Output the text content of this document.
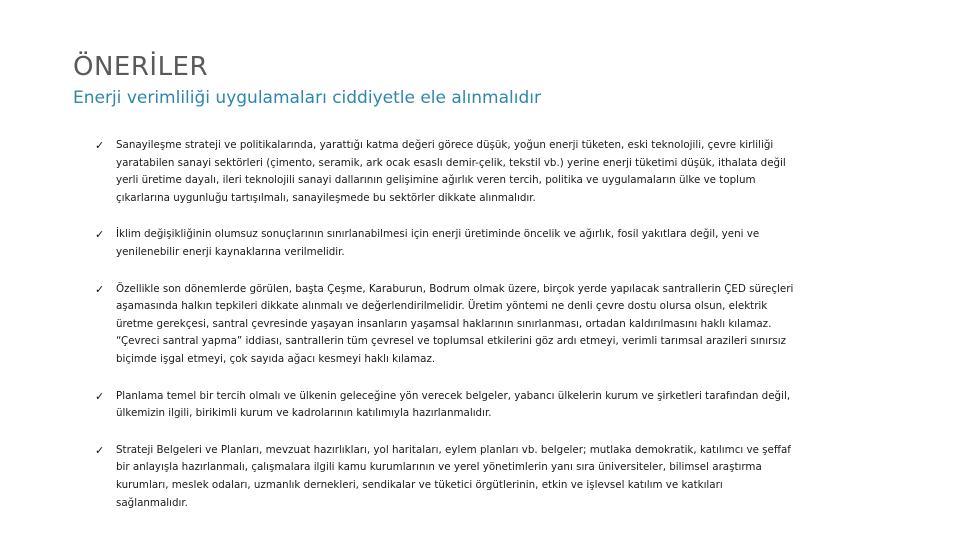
ÖNERİLER
Enerji verimliliği uygulamaları ciddiyetle ele alınmalıdır
✓ Sanayileşme strateji ve politikalarında, yarattığı katma değeri görece düşük, yoğun enerji tüketen, eski teknolojili, çevre kirliliği yaratabilen sanayi sektörleri (çimento, seramik, ark ocak esaslı demir-çelik, tekstil vb.) yerine enerji tüketimi düşük, ithalata değil yerli üretime dayalı, ileri teknolojili sanayi dallarının gelişimine ağırlık veren tercih, politika ve uygulamaların ülke ve toplum çıkarlarına uygunluğu tartışılmalı, sanayileşmede bu sektörler dikkate alınmalıdır.
✓ İklim değişikliğinin olumsuz sonuçlarının sınırlanabilmesi için enerji üretiminde öncelik ve ağırlık, fosil yakıtlara değil, yeni ve yenilenebilir enerji kaynaklarına verilmelidir.
✓ Özellikle son dönemlerde görülen, başta Çeşme, Karaburun, Bodrum olmak üzere, birçok yerde yapılacak santrallerin ÇED süreçleri aşamasında halkın tepkileri dikkate alınmalı ve değerlendirilmelidir. Üretim yöntemi ne denli çevre dostu olursa olsun, elektrik üretme gerekçesi, santral çevresinde yaşayan insanların yaşamsal haklarının sınırlanması, ortadan kaldırılmasını haklı kılamaz. “Çevreci santral yapma” iddiası, santrallerin tüm çevresel ve toplumsal etkilerini göz ardı etmeyi, verimli tarımsal arazileri sınırsız biçimde işgal etmeyi, çok sayıda ağacı kesmeyi haklı kılamaz.
✓ Planlama temel bir tercih olmalı ve ülkenin geleceğine yön verecek belgeler, yabancı ülkelerin kurum ve şirketleri tarafından değil, ülkemizin ilgili, birikimli kurum ve kadrolarının katılımıyla hazırlanmalıdır.
✓ Strateji Belgeleri ve Planları, mevzuat hazırlıkları, yol haritaları, eylem planları vb. belgeler; mutlaka demokratik, katılımcı ve şeffaf bir anlayışla hazırlanmalı, çalışmalara ilgili kamu kurumlarının ve yerel yönetimlerin yanı sıra üniversiteler, bilimsel araştırma kurumları, meslek odaları, uzmanlık dernekleri, sendikalar ve tüketici örgütlerinin, etkin ve işlevsel katılım ve katkıları sağlanmalıdır.
